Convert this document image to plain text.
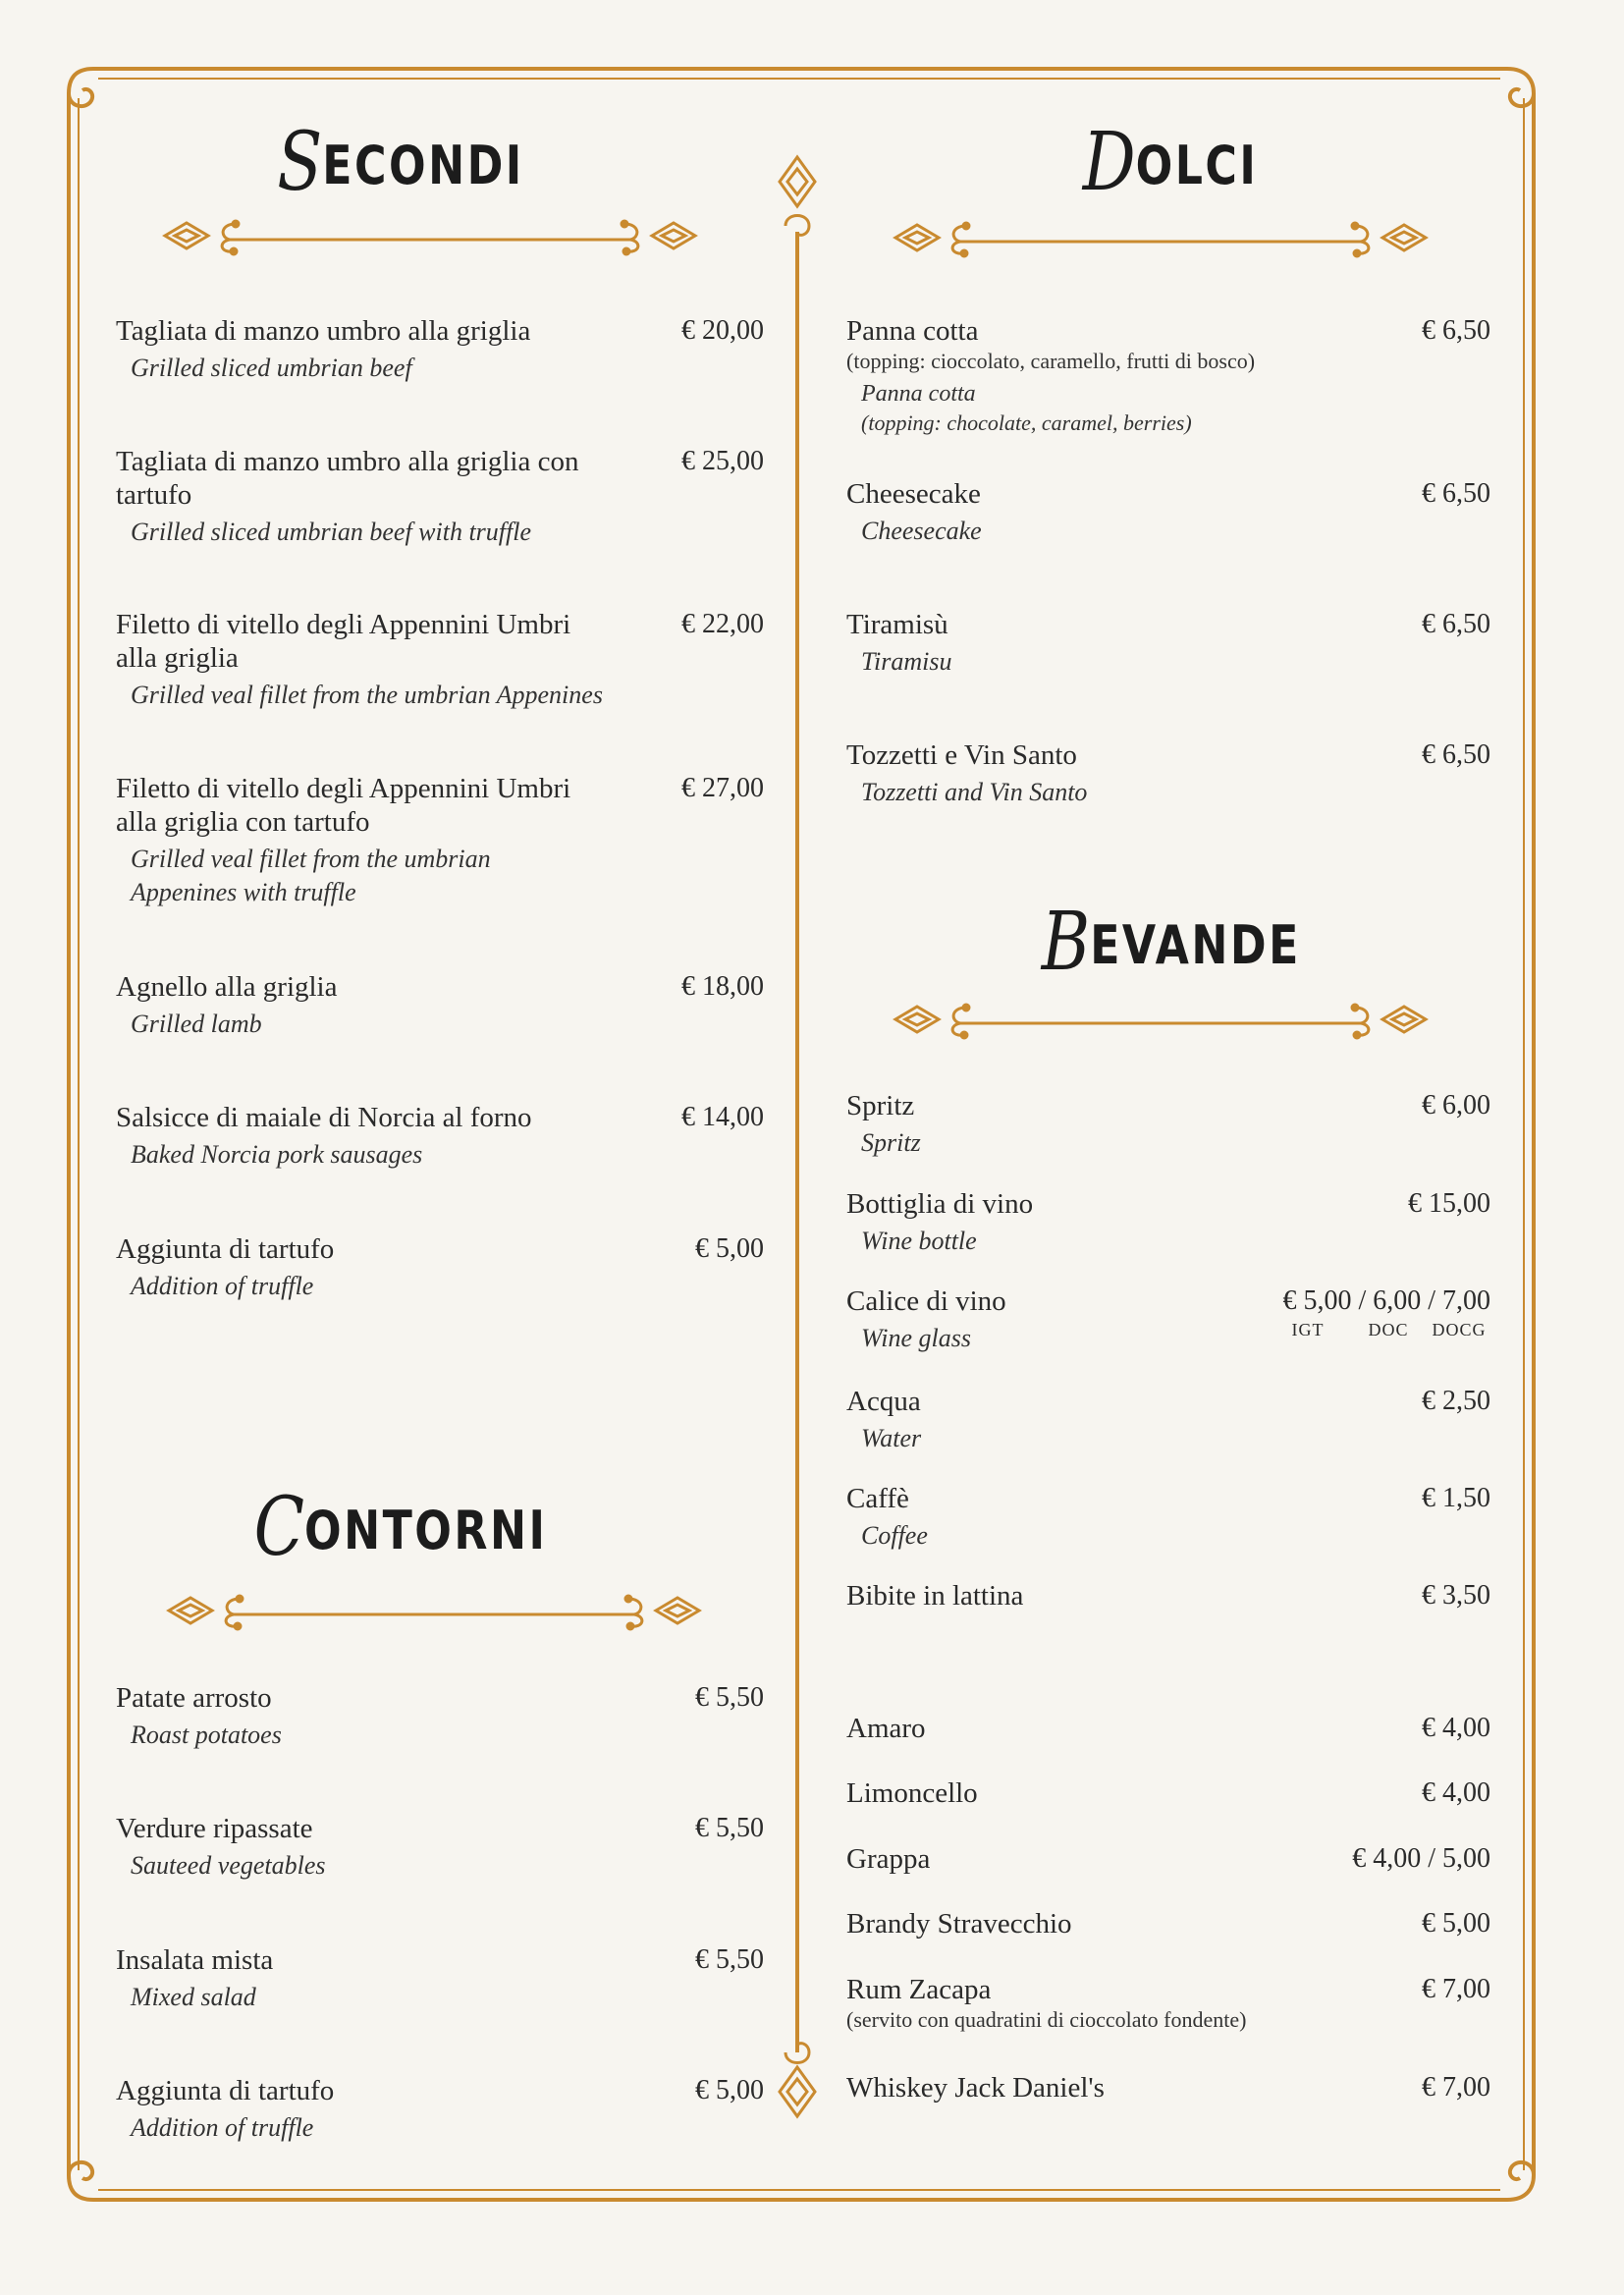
SECONDI
Tagliata di manzo umbro alla griglia
Grilled sliced umbrian beef
€ 20,00
Tagliata di manzo umbro alla griglia con tartufo
Grilled sliced umbrian beef with truffle
€ 25,00
Filetto di vitello degli Appennini Umbri alla griglia
Grilled veal fillet from the umbrian Appenines
€ 22,00
Filetto di vitello degli Appennini Umbri alla griglia con tartufo
Grilled veal fillet from the umbrian Appenines with truffle
€ 27,00
Agnello alla griglia
Grilled lamb
€ 18,00
Salsicce di maiale di Norcia al forno
Baked Norcia pork sausages
€ 14,00
Aggiunta di tartufo
Addition of truffle
€ 5,00
CONTORNI
Patate arrosto
Roast potatoes
€ 5,50
Verdure ripassate
Sauteed vegetables
€ 5,50
Insalata mista
Mixed salad
€ 5,50
Aggiunta di tartufo
Addition of truffle
€ 5,00
DOLCI
Panna cotta
(topping: cioccolato, caramello, frutti di bosco)
Panna cotta
(topping: chocolate, caramel, berries)
€ 6,50
Cheesecake
Cheesecake
€ 6,50
Tiramisù
Tiramisu
€ 6,50
Tozzetti e Vin Santo
Tozzetti and Vin Santo
€ 6,50
BEVANDE
Spritz
Spritz
€ 6,00
Bottiglia di vino
Wine bottle
€ 15,00
Calice di vino
Wine glass
€ 5,00 / 6,00 / 7,00
IGT DOC DOCG
Acqua
Water
€ 2,50
Caffè
Coffee
€ 1,50
Bibite in lattina	€ 3,50
Amaro	€ 4,00
Limoncello	€ 4,00
Grappa	€ 4,00 / 5,00
Brandy Stravecchio	€ 5,00
Rum Zacapa
(servito con quadratini di cioccolato fondente)
€ 7,00
Whiskey Jack Daniel's	€ 7,00
